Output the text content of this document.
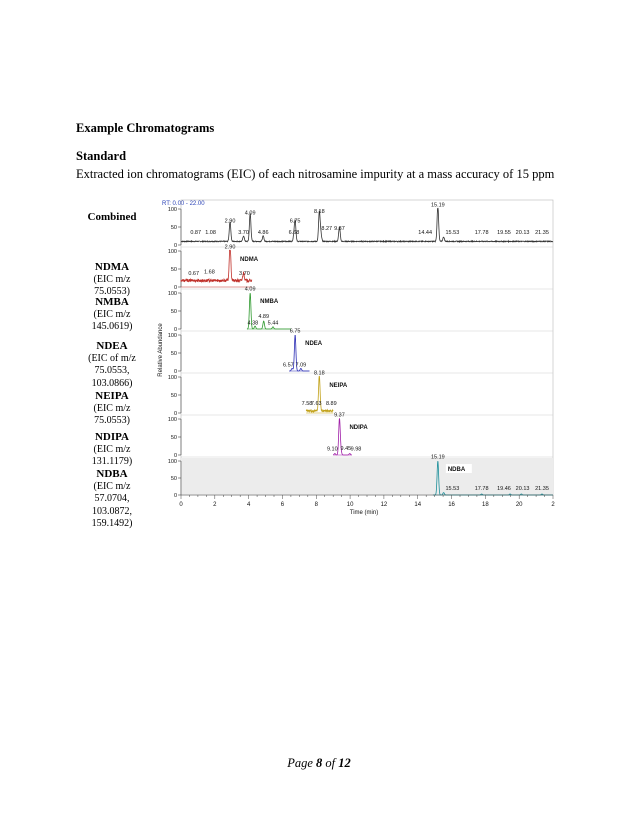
Example Chromatograms
Standard
Extracted ion chromatograms (EIC) of each nitrosamine impurity at a mass accuracy of 15 ppm
Combined
NDMA
(EIC m/z
75.0553)
NMBA
(EIC m/z
145.0619)
NDEA
(EIC of m/z
75.0553,
103.0866)
NEIPA
(EIC m/z
75.0553)
NDIPA
(EIC m/z
131.1179)
NDBA
(EIC m/z
57.0704,
103.0872,
159.1492)
RT: 0.00 - 22.00
0
50
100
0.87 1.08
2.90
3.70
4.09
4.86	6.68
6.75
8.18
8.27 9.37
14.44
15.19
15.53	17.78 19.55 20.13 21.35
0
50
100
2.90
0.67 1.68	3.70
NDMA
0
50
100
4.09
4.89
4.38 5.44
NMBA
0
50
100
6.75
6.57 7.09
NDEA
0
50
100
8.18
7.58
7.63 8.89
NEIPA
0
50
100
9.37
9.10 9.45 9.98
NDIPA
0
50
100
15.19
15.53	17.78 19.46 20.13 21.35
NDBA
0	2	4	6	8	10	12	14	16	18	20	2
Time (min)
Relative Abundance
Page 8 of 12
